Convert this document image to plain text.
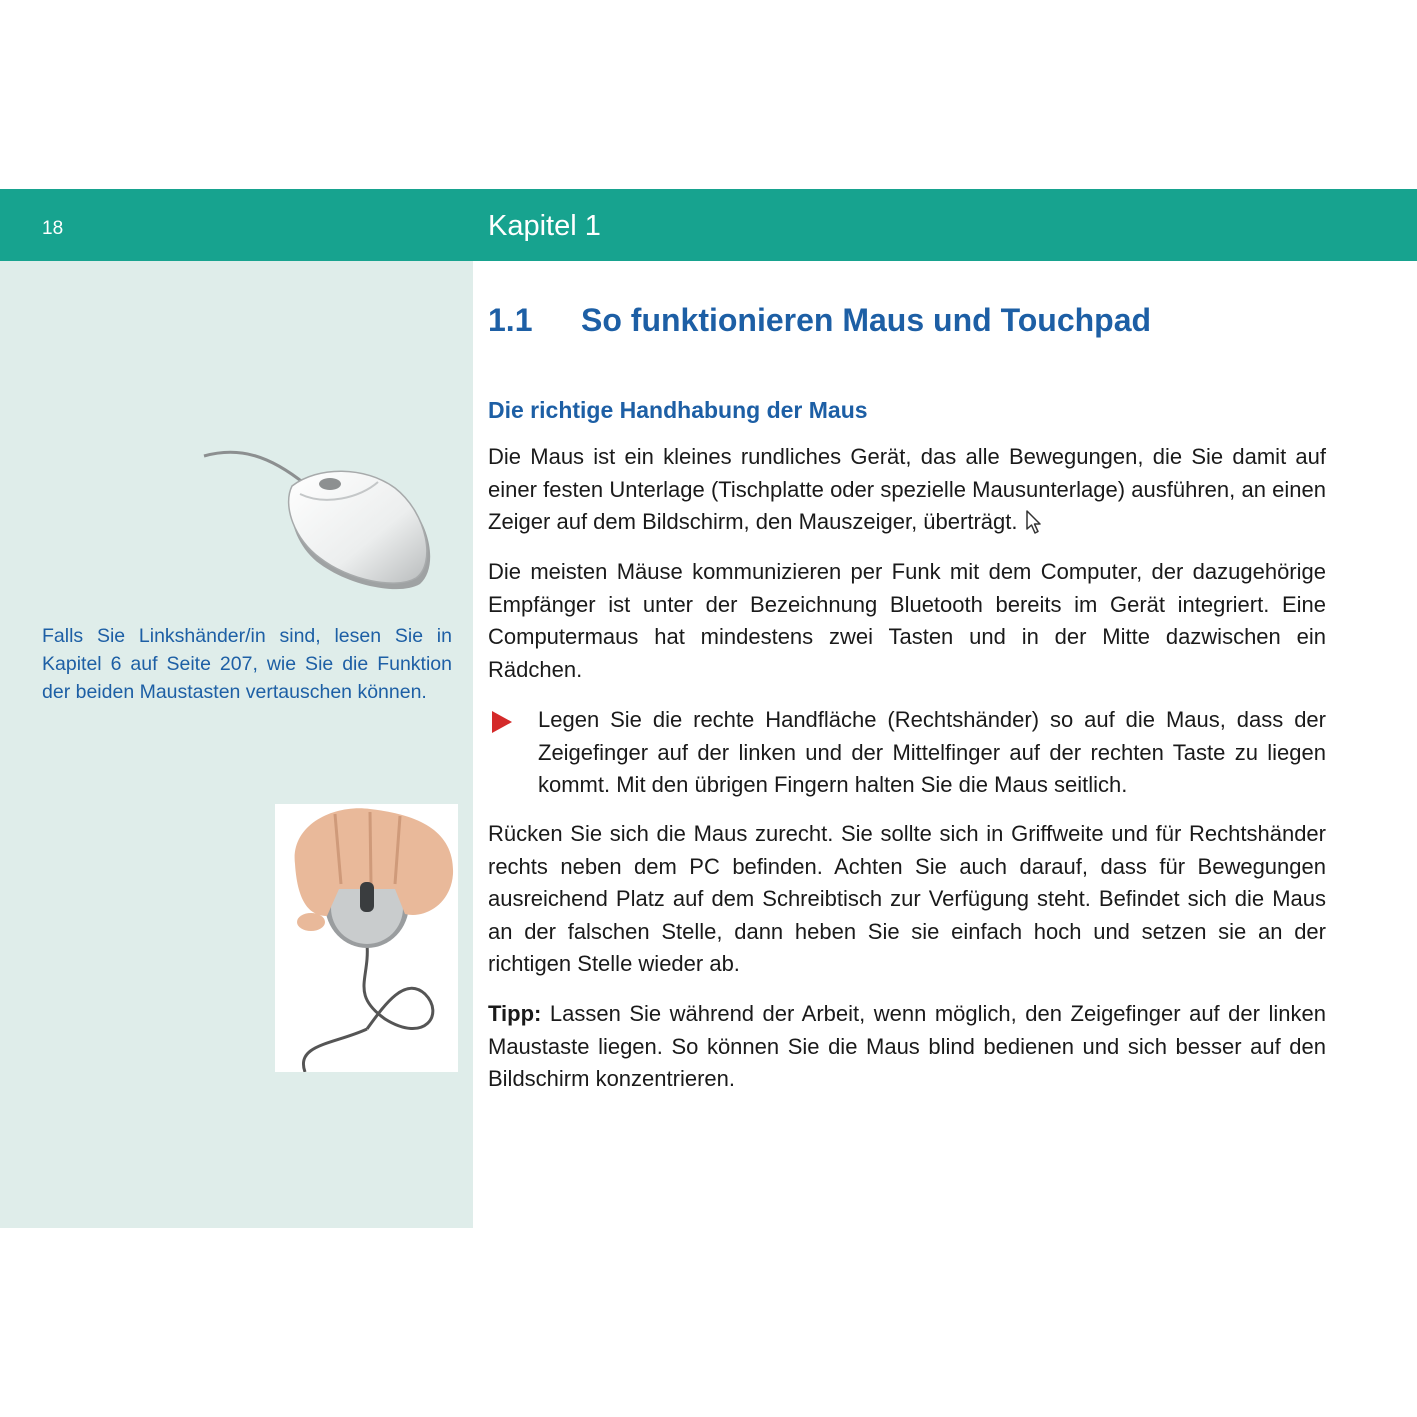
18	Kapitel 1

Falls Sie Linkshänder/in sind, lesen Sie in Kapitel 6 auf Seite 207, wie Sie die Funktion der beiden Maustasten vertauschen können.

1.1 So funktionieren Maus und Touchpad
Die richtige Handhabung der Maus

Die Maus ist ein kleines rundliches Gerät, das alle Bewegungen, die Sie damit auf einer festen Unterlage (Tischplatte oder spezielle Mausunterlage) ausführen, an einen Zeiger auf dem Bildschirm, den Mauszeiger, überträgt.

Die meisten Mäuse kommunizieren per Funk mit dem Computer, der dazugehörige Empfänger ist unter der Bezeichnung Bluetooth bereits im Gerät integriert. Eine Computermaus hat mindestens zwei Tasten und in der Mitte dazwischen ein Rädchen.

Legen Sie die rechte Handfläche (Rechtshänder) so auf die Maus, dass der Zeigefinger auf der linken und der Mittelfinger auf der rechten Taste zu liegen kommt. Mit den übrigen Fingern halten Sie die Maus seitlich.

Rücken Sie sich die Maus zurecht. Sie sollte sich in Griffweite und für Rechtshänder rechts neben dem PC befinden. Achten Sie auch darauf, dass für Bewegungen ausreichend Platz auf dem Schreibtisch zur Verfügung steht. Befindet sich die Maus an der falschen Stelle, dann heben Sie sie einfach hoch und setzen sie an der richtigen Stelle wieder ab.

Tipp: Lassen Sie während der Arbeit, wenn möglich, den Zeigefinger auf der linken Maustaste liegen. So können Sie die Maus blind bedienen und sich besser auf den Bildschirm konzentrieren.
